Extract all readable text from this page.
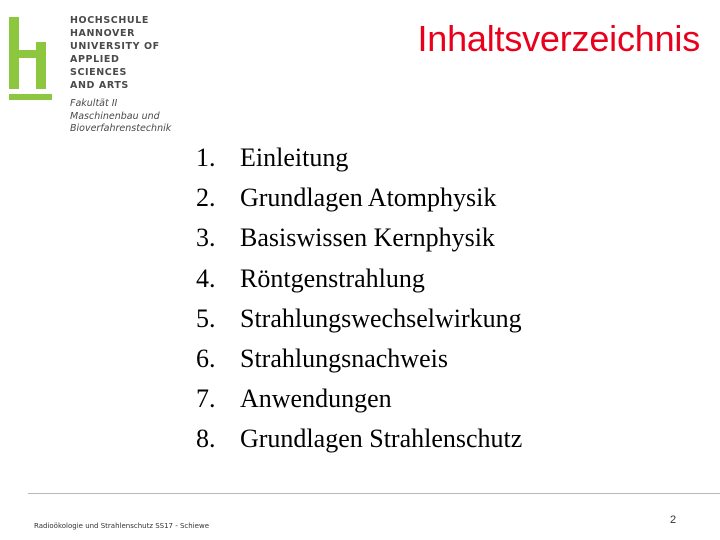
HOCHSCHULE
HANNOVER
UNIVERSITY OF
APPLIED SCIENCES
AND ARTS
Fakultät II
Maschinenbau und
Bioverfahrenstechnik
Inhaltsverzeichnis
1. Einleitung
2. Grundlagen Atomphysik
3. Basiswissen Kernphysik
4. Röntgenstrahlung
5. Strahlungswechselwirkung
6. Strahlungsnachweis
7. Anwendungen
8. Grundlagen Strahlenschutz
Radioökologie und Strahlenschutz SS17 - Schiewe	2
